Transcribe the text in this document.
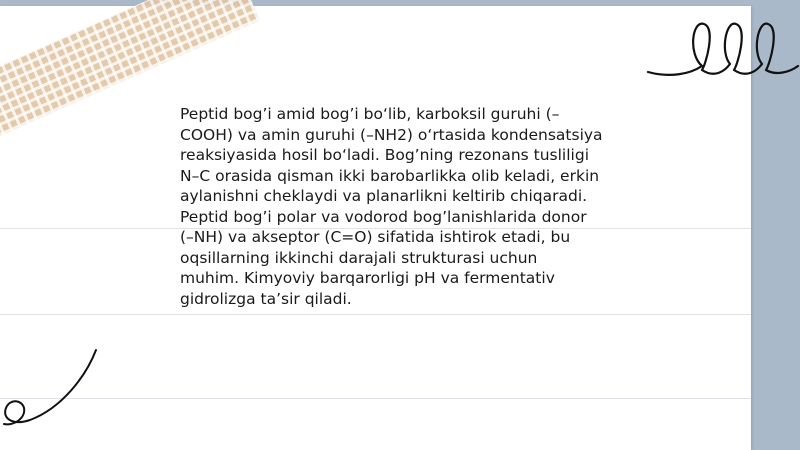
Peptid bog’i amid bog’i bo‘lib, karboksil guruhi (–
COOH) va amin guruhi (–NH2) o‘rtasida kondensatsiya
reaksiyasida hosil bo‘ladi. Bog’ning rezonans tusliligi
N–C orasida qisman ikki barobarlikka olib keladi, erkin
aylanishni cheklaydi va planarlikni keltirib chiqaradi.
Peptid bog’i polar va vodorod bog’lanishlarida donor
(–NH) va akseptor (C=O) sifatida ishtirok etadi, bu
oqsillarning ikkinchi darajali strukturasi uchun
muhim. Kimyoviy barqarorligi pH va fermentativ
gidrolizga ta’sir qiladi.
